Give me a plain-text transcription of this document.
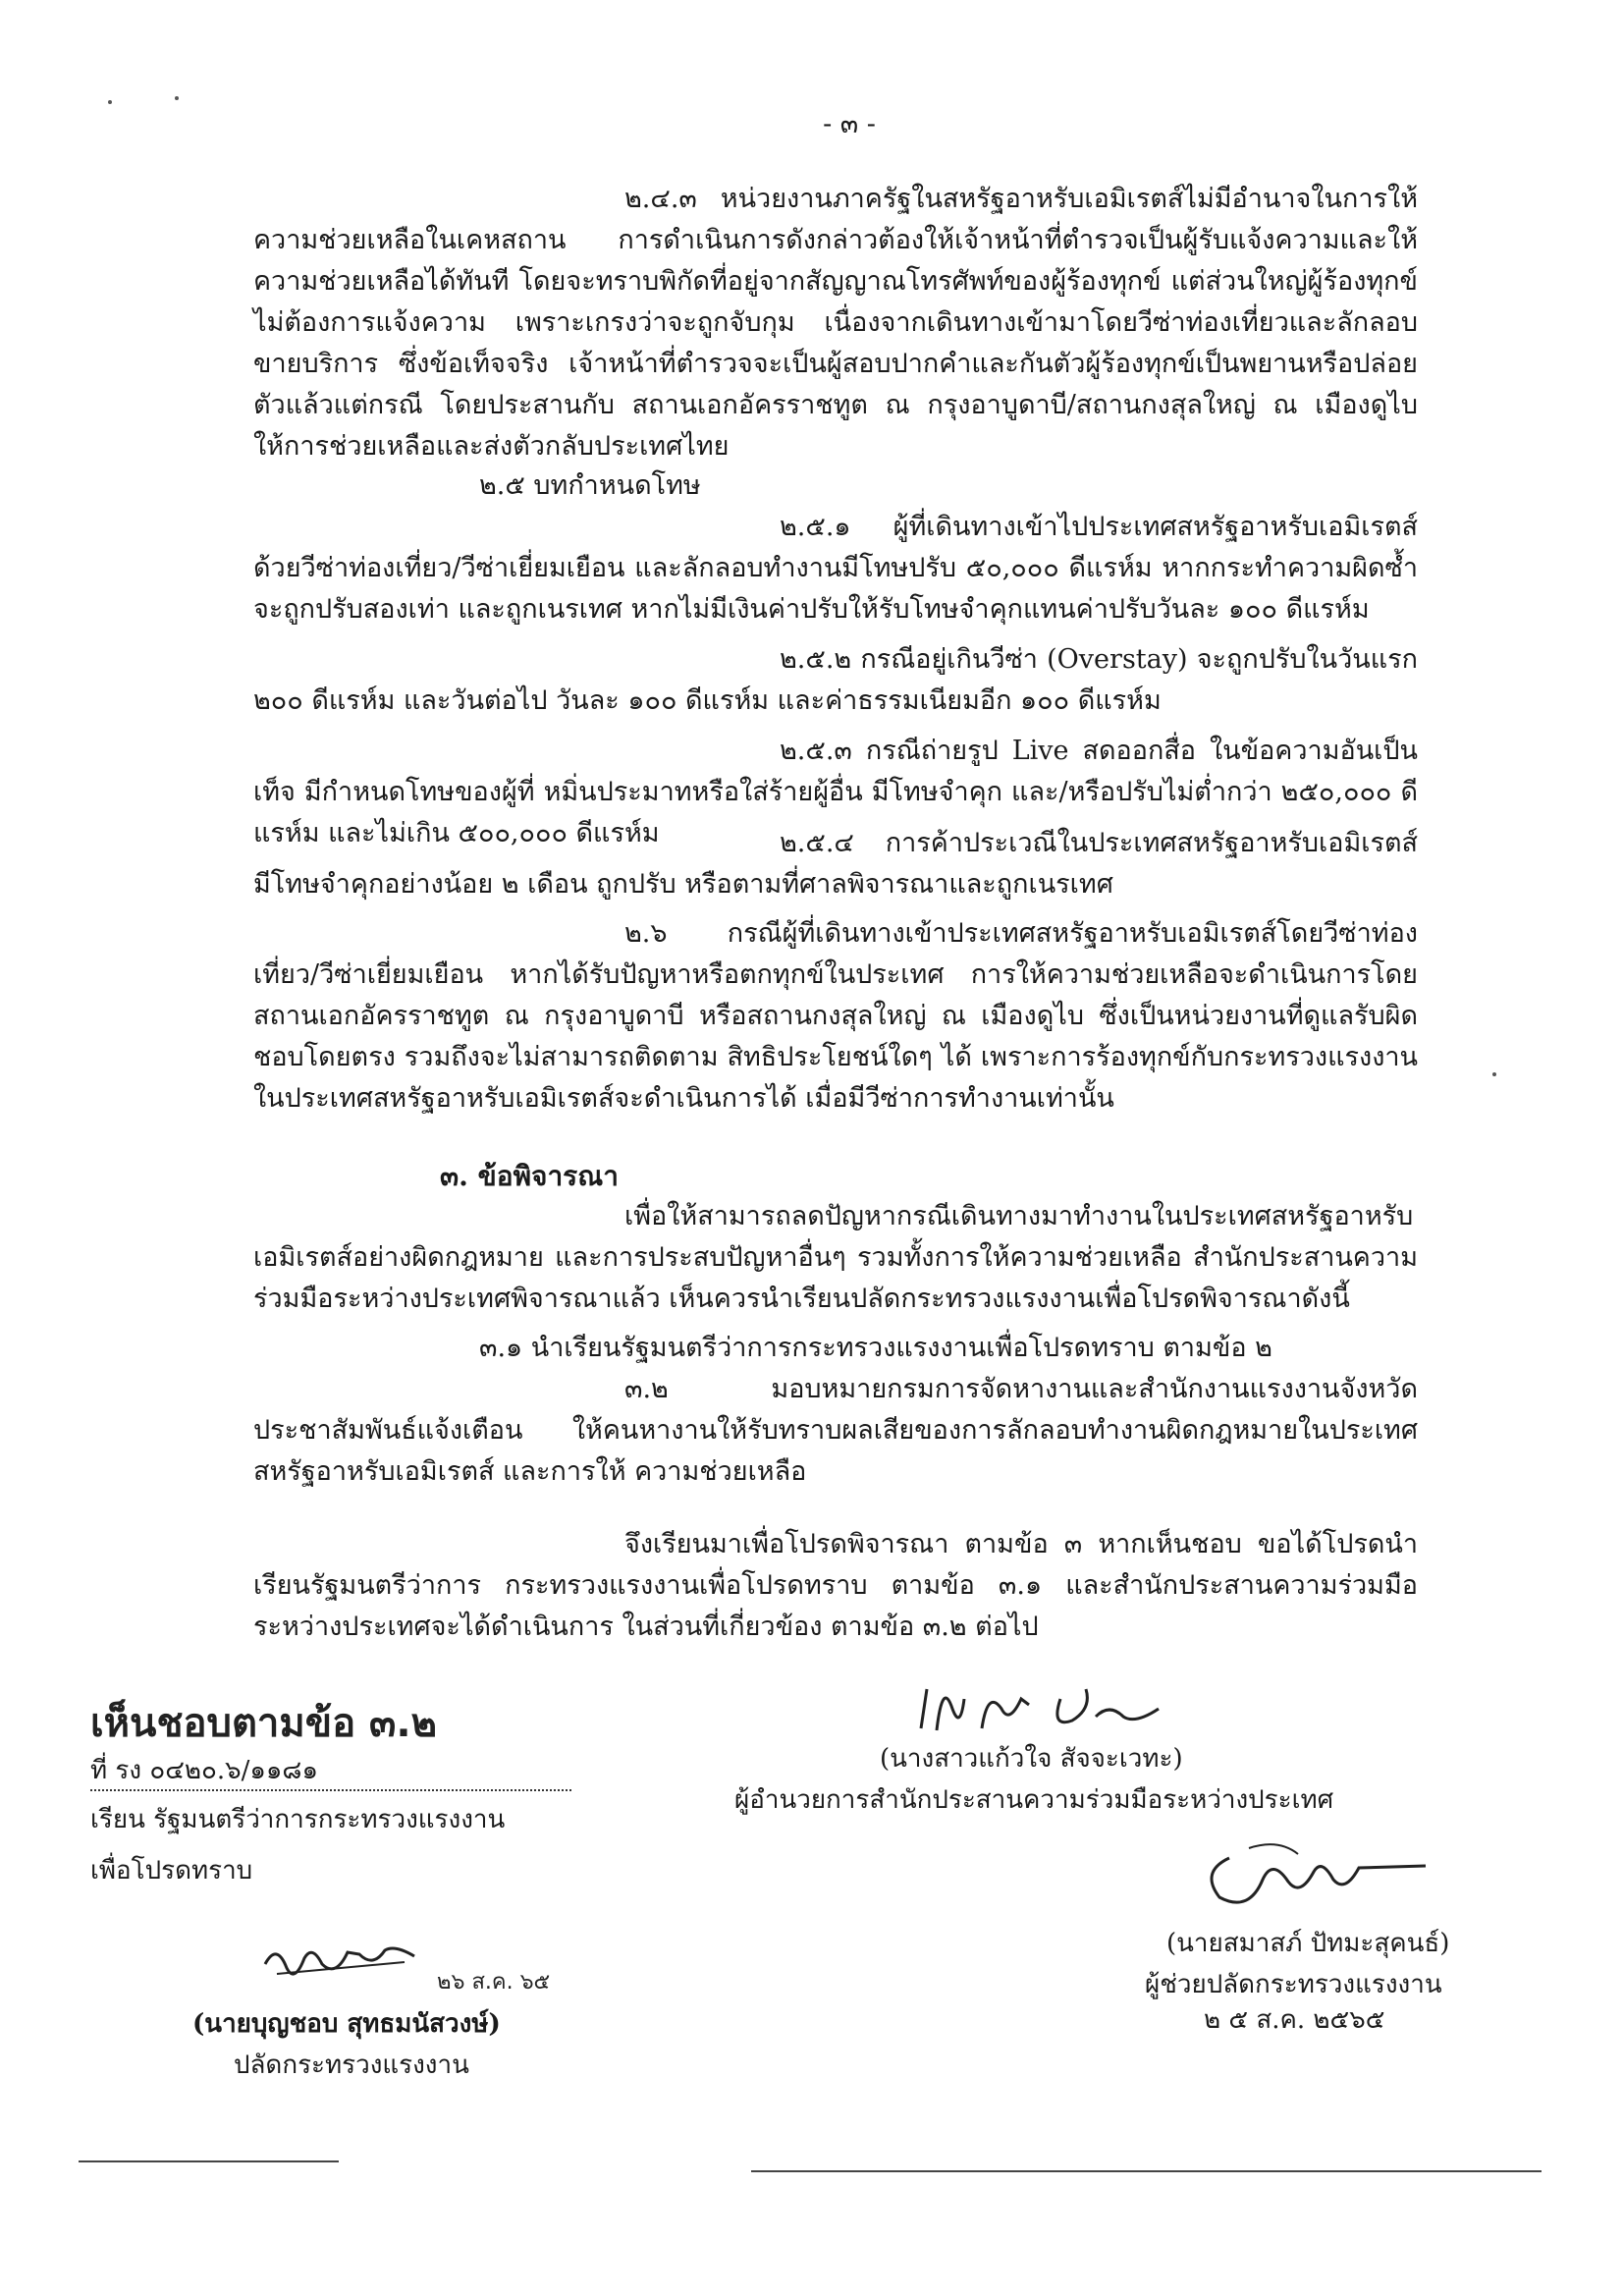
- ๓ -
๒.๔.๓ หน่วยงานภาครัฐในสหรัฐอาหรับเอมิเรตส์ไม่มีอำนาจในการให้ความช่วยเหลือในเคหสถาน การดำเนินการดังกล่าวต้องให้เจ้าหน้าที่ตำรวจเป็นผู้รับแจ้งความและให้ความช่วยเหลือได้ทันที โดยจะทราบพิกัดที่อยู่จากสัญญาณโทรศัพท์ของผู้ร้องทุกข์ แต่ส่วนใหญ่ผู้ร้องทุกข์ไม่ต้องการแจ้งความ เพราะเกรงว่าจะถูกจับกุม เนื่องจากเดินทางเข้ามาโดยวีซ่าท่องเที่ยวและลักลอบขายบริการ ซึ่งข้อเท็จจริง เจ้าหน้าที่ตำรวจจะเป็นผู้สอบปากคำและกันตัวผู้ร้องทุกข์เป็นพยานหรือปล่อยตัวแล้วแต่กรณี โดยประสานกับ สถานเอกอัครราชทูต ณ กรุงอาบูดาบี/สถานกงสุลใหญ่ ณ เมืองดูไบ ให้การช่วยเหลือและส่งตัวกลับประเทศไทย
๒.๕ บทกำหนดโทษ
๒.๕.๑ ผู้ที่เดินทางเข้าไปประเทศสหรัฐอาหรับเอมิเรตส์ด้วยวีซ่าท่องเที่ยว/วีซ่าเยี่ยมเยือน และลักลอบทำงานมีโทษปรับ ๕๐,๐๐๐ ดีแรห์ม หากกระทำความผิดซ้ำจะถูกปรับสองเท่า และถูกเนรเทศ หากไม่มีเงินค่าปรับให้รับโทษจำคุกแทนค่าปรับวันละ ๑๐๐ ดีแรห์ม
๒.๕.๒ กรณีอยู่เกินวีซ่า (Overstay) จะถูกปรับในวันแรก ๒๐๐ ดีแรห์ม และวันต่อไป วันละ ๑๐๐ ดีแรห์ม และค่าธรรมเนียมอีก ๑๐๐ ดีแรห์ม
๒.๕.๓ กรณีถ่ายรูป Live สดออกสื่อ ในข้อความอันเป็นเท็จ มีกำหนดโทษของผู้ที่ หมิ่นประมาทหรือใส่ร้ายผู้อื่น มีโทษจำคุก และ/หรือปรับไม่ต่ำกว่า ๒๕๐,๐๐๐ ดีแรห์ม และไม่เกิน ๕๐๐,๐๐๐ ดีแรห์ม	๒.๕.๔ การค้าประเวณีในประเทศสหรัฐอาหรับเอมิเรตส์ มีโทษจำคุกอย่างน้อย ๒ เดือน ถูกปรับ หรือตามที่ศาลพิจารณาและถูกเนรเทศ
๒.๖ กรณีผู้ที่เดินทางเข้าประเทศสหรัฐอาหรับเอมิเรตส์โดยวีซ่าท่องเที่ยว/วีซ่าเยี่ยมเยือน หากได้รับปัญหาหรือตกทุกข์ในประเทศ การให้ความช่วยเหลือจะดำเนินการโดยสถานเอกอัครราชทูต ณ กรุงอาบูดาบี หรือสถานกงสุลใหญ่ ณ เมืองดูไบ ซึ่งเป็นหน่วยงานที่ดูแลรับผิดชอบโดยตรง รวมถึงจะไม่สามารถติดตาม สิทธิประโยชน์ใดๆ ได้ เพราะการร้องทุกข์กับกระทรวงแรงงานในประเทศสหรัฐอาหรับเอมิเรตส์จะดำเนินการได้ เมื่อมีวีซ่าการทำงานเท่านั้น
๓. ข้อพิจารณา
เพื่อให้สามารถลดปัญหากรณีเดินทางมาทำงานในประเทศสหรัฐอาหรับเอมิเรตส์อย่างผิดกฎหมาย และการประสบปัญหาอื่นๆ รวมทั้งการให้ความช่วยเหลือ สำนักประสานความร่วมมือระหว่างประเทศพิจารณาแล้ว เห็นควรนำเรียนปลัดกระทรวงแรงงานเพื่อโปรดพิจารณาดังนี้
๓.๑ นำเรียนรัฐมนตรีว่าการกระทรวงแรงงานเพื่อโปรดทราบ ตามข้อ ๒
๓.๒ มอบหมายกรมการจัดหางานและสำนักงานแรงงานจังหวัดประชาสัมพันธ์แจ้งเตือน ให้คนหางานให้รับทราบผลเสียของการลักลอบทำงานผิดกฎหมายในประเทศสหรัฐอาหรับเอมิเรตส์ และการให้ ความช่วยเหลือ
จึงเรียนมาเพื่อโปรดพิจารณา ตามข้อ ๓ หากเห็นชอบ ขอได้โปรดนำเรียนรัฐมนตรีว่าการ กระทรวงแรงงานเพื่อโปรดทราบ ตามข้อ ๓.๑ และสำนักประสานความร่วมมือระหว่างประเทศจะได้ดำเนินการ ในส่วนที่เกี่ยวข้อง ตามข้อ ๓.๒ ต่อไป
เห็นชอบตามข้อ ๓.๒
ที่ รง ๐๔๒๐.๖/๑๑๘๑
เรียน รัฐมนตรีว่าการกระทรวงแรงงาน
เพื่อโปรดทราบ
๒๖ ส.ค. ๖๕
(นายบุญชอบ สุทธมนัสวงษ์)
ปลัดกระทรวงแรงงาน
(นางสาวแก้วใจ สัจจะเวทะ)
ผู้อำนวยการสำนักประสานความร่วมมือระหว่างประเทศ
(นายสมาสภ์ ปัทมะสุคนธ์)
ผู้ช่วยปลัดกระทรวงแรงงาน
๒ ๕ ส.ค. ๒๕๖๕
